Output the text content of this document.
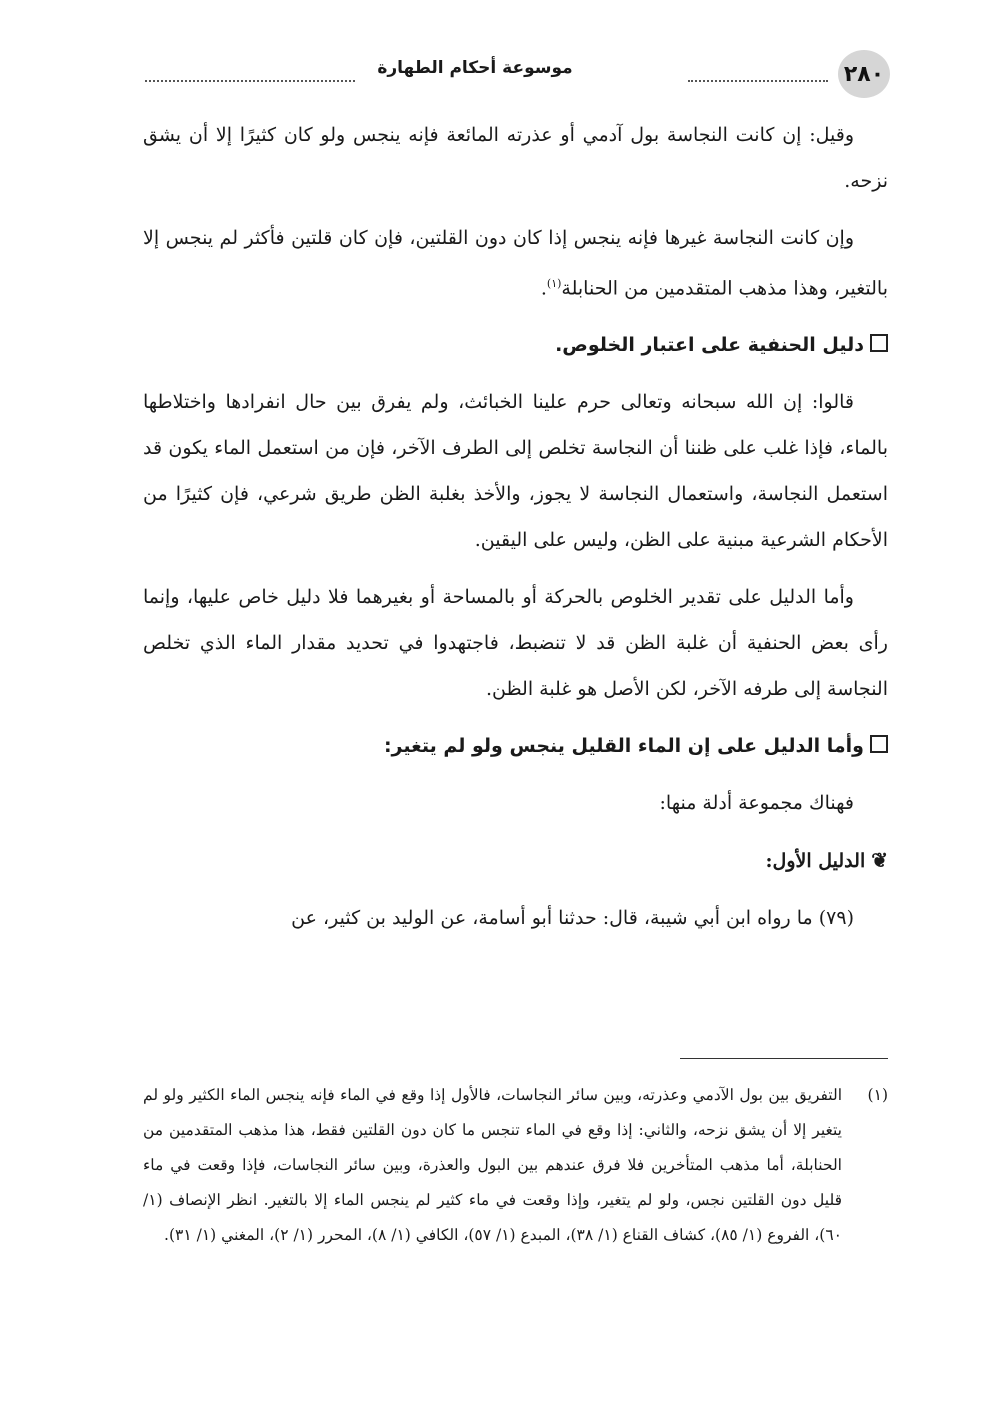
موسوعة أحكام الطهارة	٢٨٠

وقيل: إن كانت النجاسة بول آدمي أو عذرته المائعة فإنه ينجس ولو كان كثيرًا إلا أن يشق نزحه.

وإن كانت النجاسة غيرها فإنه ينجس إذا كان دون القلتين، فإن كان قلتين فأكثر لم ينجس إلا بالتغير، وهذا مذهب المتقدمين من الحنابلة$^{(١)}$.

دليل الحنفية على اعتبار الخلوص.

قالوا: إن الله سبحانه وتعالى حرم علينا الخبائث، ولم يفرق بين حال انفرادها واختلاطها بالماء، فإذا غلب على ظننا أن النجاسة تخلص إلى الطرف الآخر، فإن من استعمل الماء يكون قد استعمل النجاسة، واستعمال النجاسة لا يجوز، والأخذ بغلبة الظن طريق شرعي، فإن كثيرًا من الأحكام الشرعية مبنية على الظن، وليس على اليقين.

وأما الدليل على تقدير الخلوص بالحركة أو بالمساحة أو بغيرهما فلا دليل خاص عليها، وإنما رأى بعض الحنفية أن غلبة الظن قد لا تنضبط، فاجتهدوا في تحديد مقدار الماء الذي تخلص النجاسة إلى طرفه الآخر، لكن الأصل هو غلبة الظن.

وأما الدليل على إن الماء القليل ينجس ولو لم يتغير:

فهناك مجموعة أدلة منها:

❦الدليل الأول:

(٧٩) ما رواه ابن أبي شيبة، قال: حدثنا أبو أسامة، عن الوليد بن كثير، عن

(١)
التفريق بين بول الآدمي وعذرته، وبين سائر النجاسات، فالأول إذا وقع في الماء فإنه ينجس الماء الكثير ولو لم يتغير إلا أن يشق نزحه، والثاني: إذا وقع في الماء تنجس ما كان دون القلتين فقط، هذا مذهب المتقدمين من الحنابلة، أما مذهب المتأخرين فلا فرق عندهم بين البول والعذرة، وبين سائر النجاسات، فإذا وقعت في ماء قليل دون القلتين نجس، ولو لم يتغير، وإذا وقعت في ماء كثير لم ينجس الماء إلا بالتغير. انظر الإنصاف (١/ ٦٠)، الفروع (١/ ٨٥)، كشاف القناع (١/ ٣٨)، المبدع (١/ ٥٧)، الكافي (١/ ٨)، المحرر (١/ ٢)، المغني (١/ ٣١).
